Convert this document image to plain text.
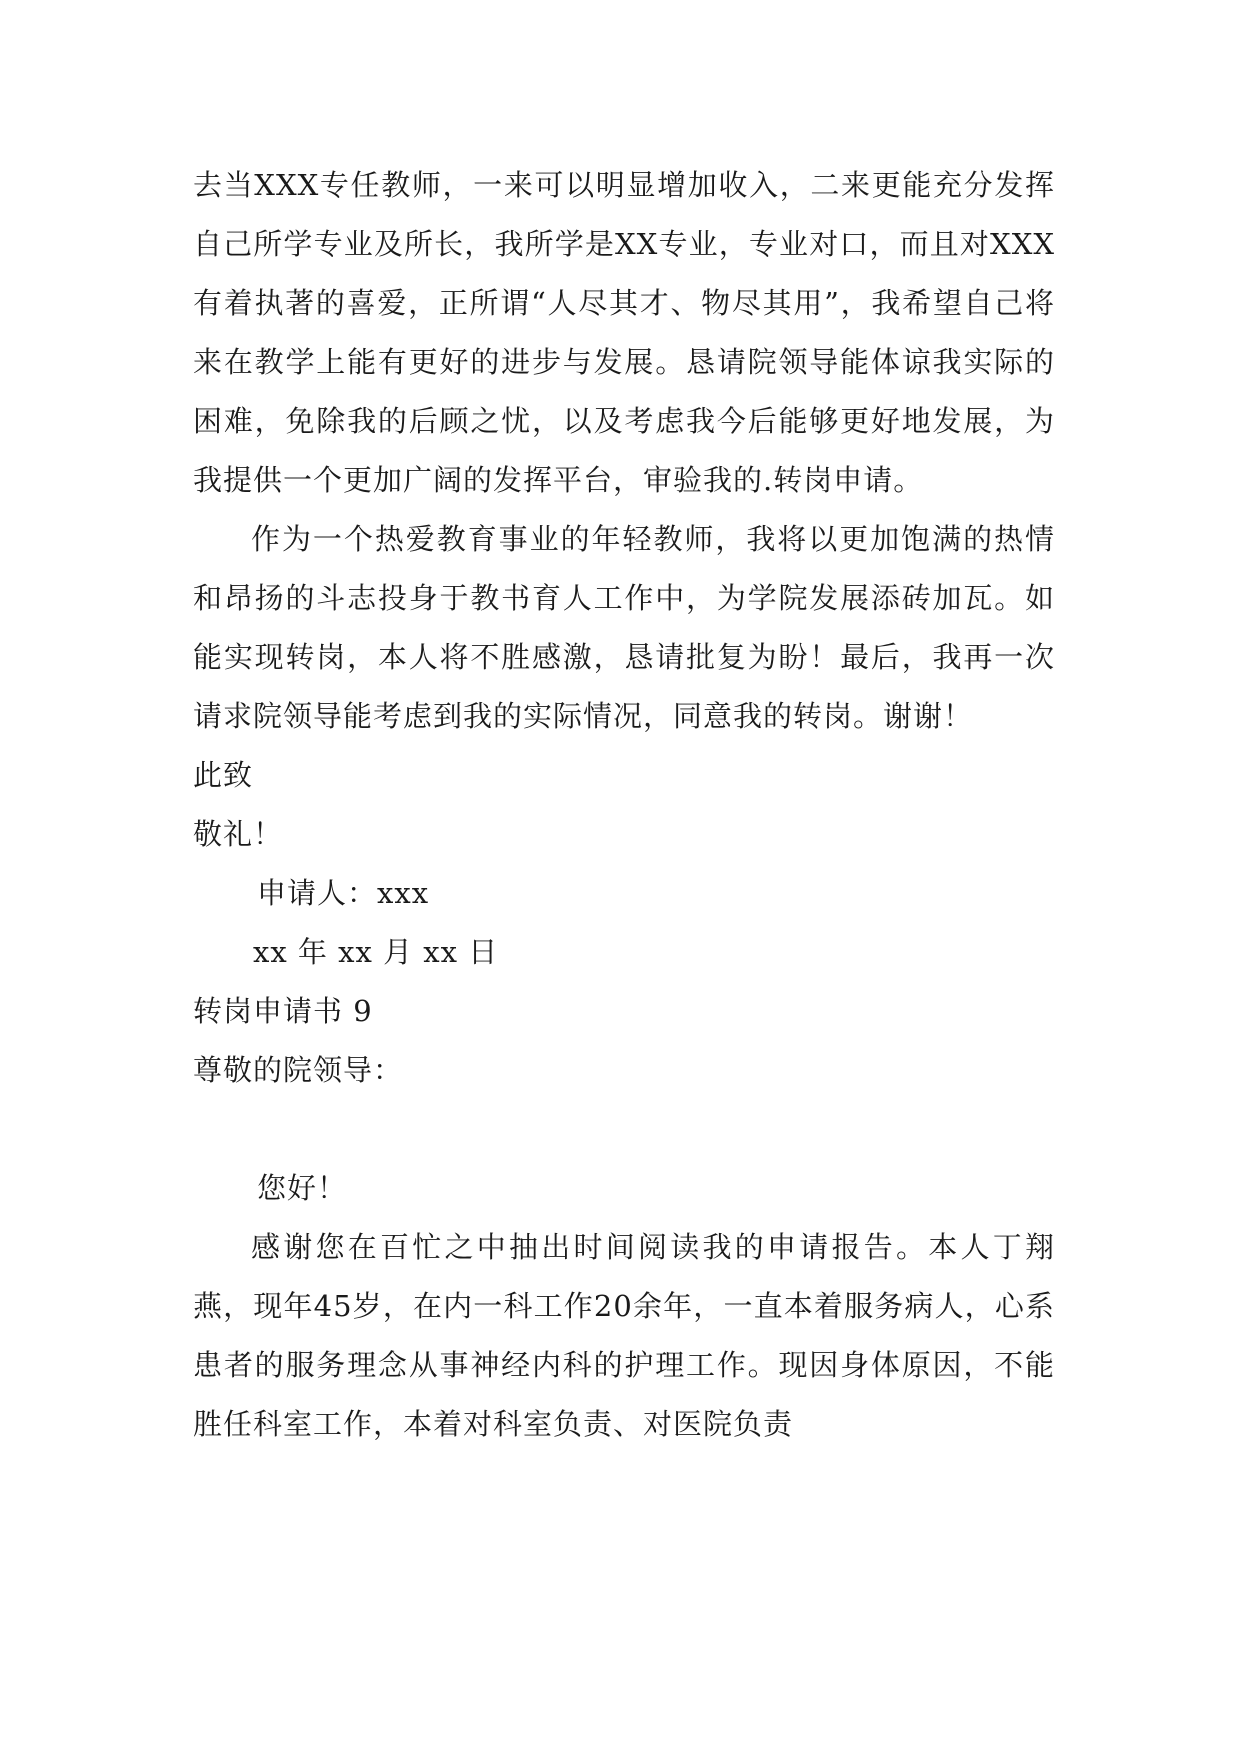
去当XXX专任教师，一来可以明显增加收入，二来更能充分发挥自己所学专业及所长，我所学是XX专业，专业对口，而且对XXX有着执著的喜爱，正所谓“人尽其才、物尽其用”，我希望自己将来在教学上能有更好的进步与发展。恳请院领导能体谅我实际的困难，免除我的后顾之忧，以及考虑我今后能够更好地发展，为我提供一个更加广阔的发挥平台，审验我的.转岗申请。

作为一个热爱教育事业的年轻教师，我将以更加饱满的热情和昂扬的斗志投身于教书育人工作中，为学院发展添砖加瓦。如能实现转岗，本人将不胜感激，恳请批复为盼！最后，我再一次请求院领导能考虑到我的实际情况，同意我的转岗。谢谢！

此致

敬礼！

申请人：xxx

xx 年 xx 月 xx 日

转岗申请书 9

尊敬的院领导：

您好！

感谢您在百忙之中抽出时间阅读我的申请报告。本人丁翔燕，现年45岁，在内一科工作20余年，一直本着服务病人，心系患者的服务理念从事神经内科的护理工作。现因身体原因，不能胜任科室工作，本着对科室负责、对医院负责
